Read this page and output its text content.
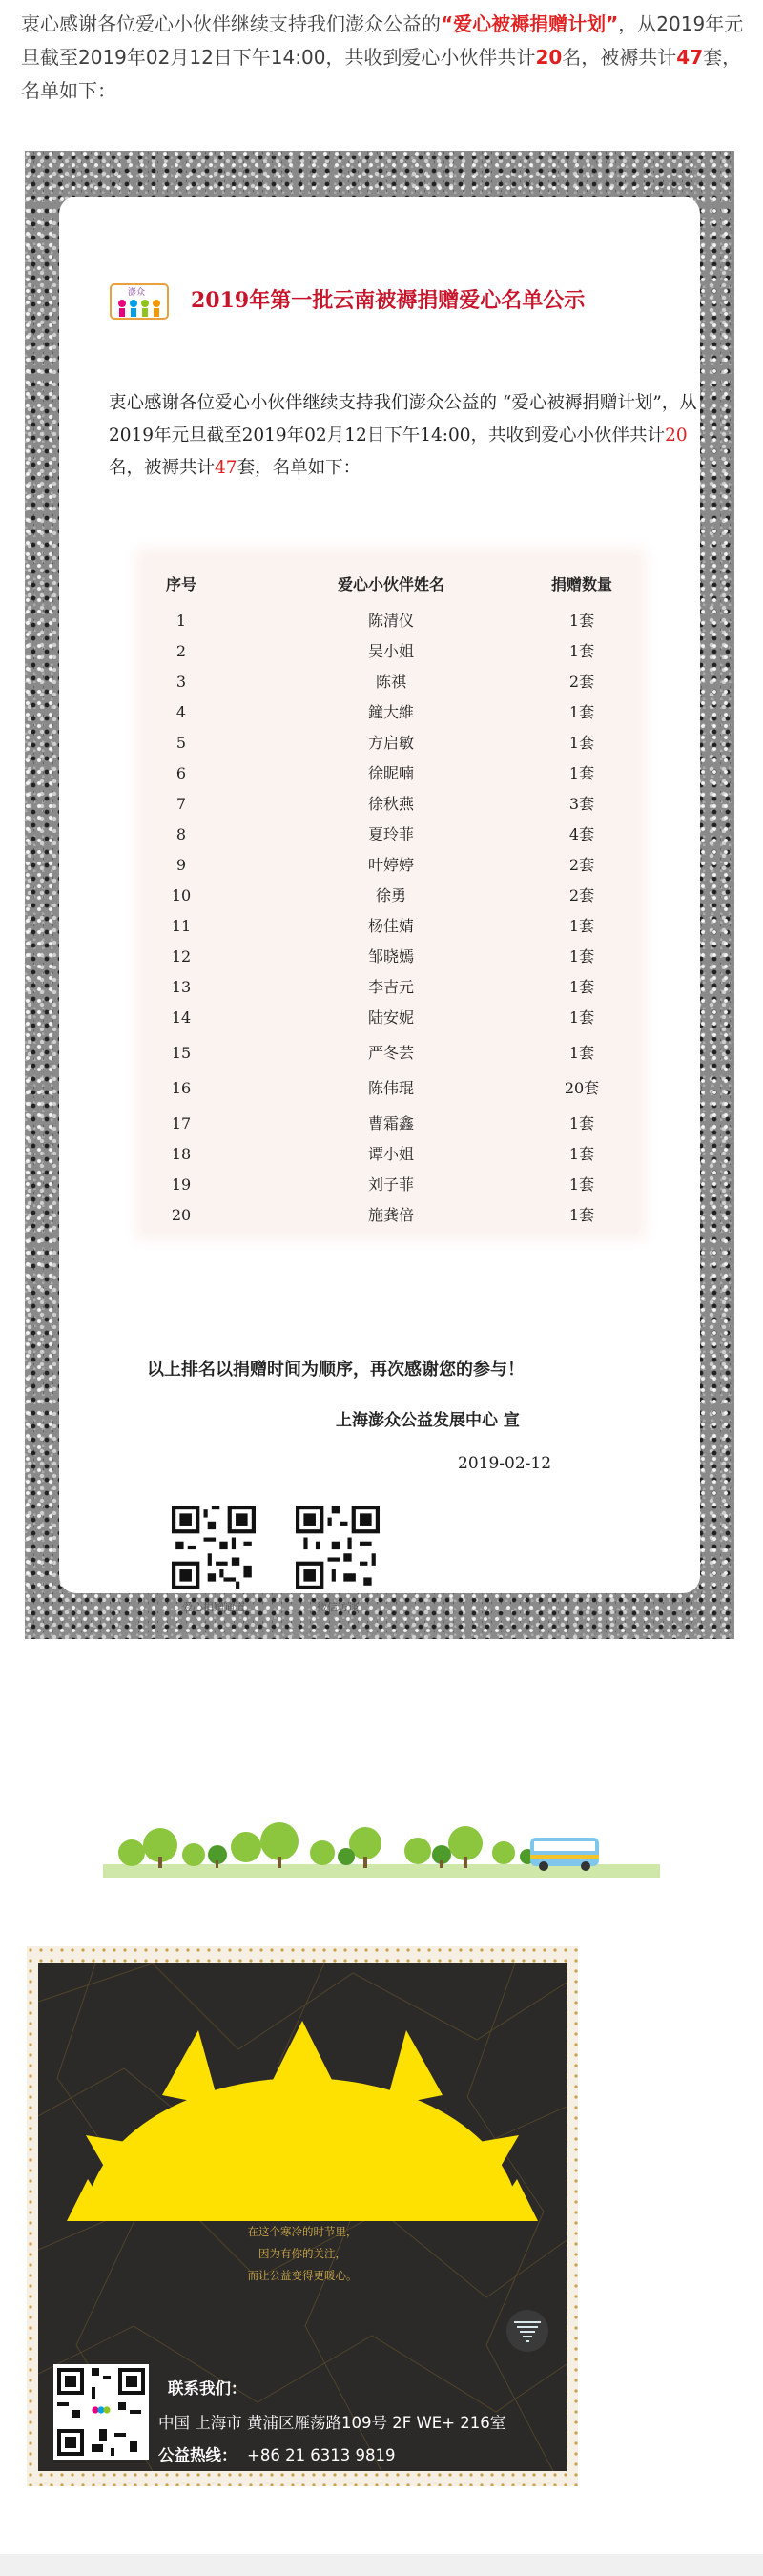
衷心感谢各位爱心小伙伴继续支持我们澎众公益的“爱心被褥捐赠计划”，从2019年元旦截至2019年02月12日下午14:00，共收到爱心小伙伴共计20名，被褥共计47套，名单如下：
澎众 2019年第一批云南被褥捐赠爱心名单公示
衷心感谢各位爱心小伙伴继续支持我们澎众公益的 “爱心被褥捐赠计划”，从2019年元旦截至2019年02月12日下午14:00，共收到爱心小伙伴共计20名，被褥共计47套，名单如下：
序号	爱心小伙伴姓名	捐赠数量
1	陈清仪	1套
2	吴小姐	1套
3	陈祺	2套
4	鐘大維	1套
5	方启敏	1套
6	徐昵喃	1套
7	徐秋燕	3套
8	夏玲菲	4套
9	叶婷婷	2套
10	徐勇	2套
11	杨佳婧	1套
12	邹晓嫣	1套
13	李吉元	1套
14	陆安妮	1套
15	严冬芸	1套
16	陈伟琨	20套
17	曹霜鑫	1套
18	谭小姐	1套
19	刘子菲	1套
20	施龚倍	1套
以上排名以捐赠时间为顺序，再次感谢您的参与！
上海澎众公益发展中心 宣
2019-02-12
爱心捐赠通道	微信访谈
在这个寒冷的时节里，
因为有你的关注，
而让公益变得更暖心。
联系我们：
中国 上海市 黄浦区雁荡路109号 2F WE+ 216室
公益热线： +86 21 6313 9819
